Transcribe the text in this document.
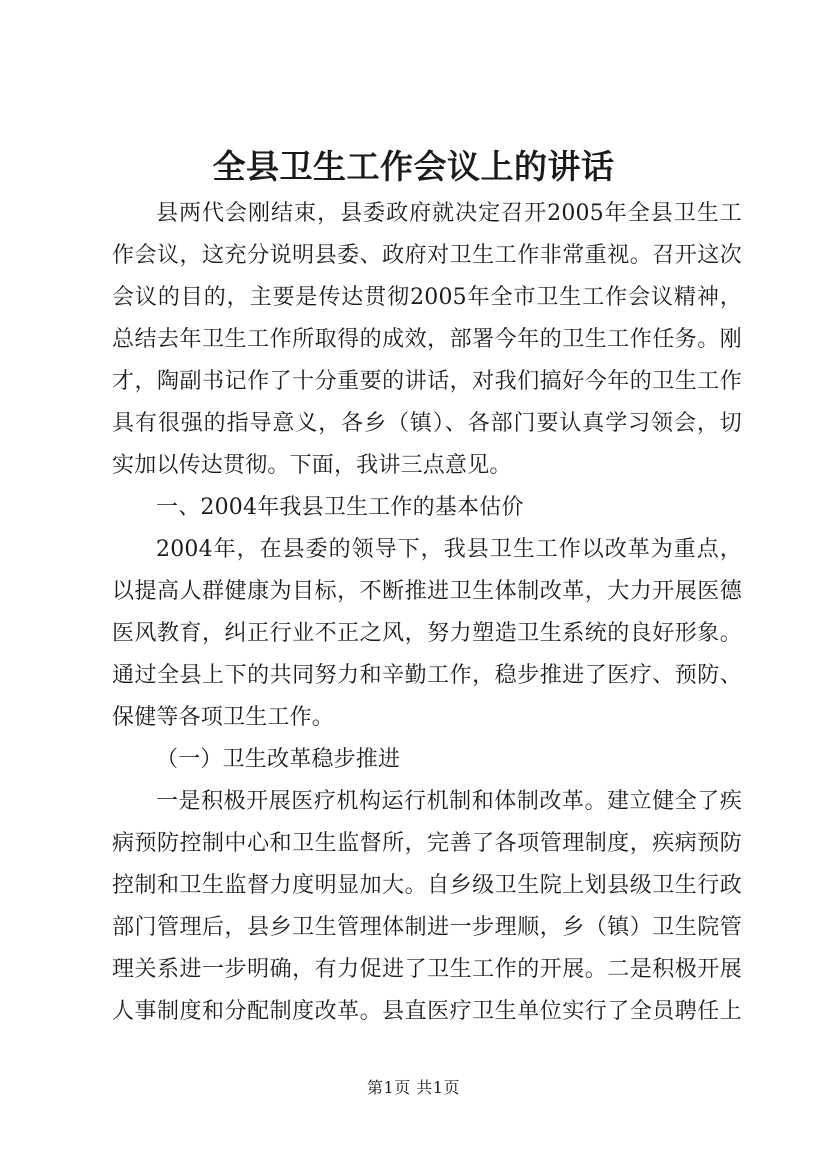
全县卫生工作会议上的讲话
县两代会刚结束，县委政府就决定召开2005年全县卫生工
作会议，这充分说明县委、政府对卫生工作非常重视。召开这次
会议的目的，主要是传达贯彻2005年全市卫生工作会议精神，
总结去年卫生工作所取得的成效，部署今年的卫生工作任务。刚
才，陶副书记作了十分重要的讲话，对我们搞好今年的卫生工作
具有很强的指导意义，各乡（镇）、各部门要认真学习领会，切
实加以传达贯彻。下面，我讲三点意见。
一、2004年我县卫生工作的基本估价
2004年，在县委的领导下，我县卫生工作以改革为重点，
以提高人群健康为目标，不断推进卫生体制改革，大力开展医德
医风教育，纠正行业不正之风，努力塑造卫生系统的良好形象。
通过全县上下的共同努力和辛勤工作，稳步推进了医疗、预防、
保健等各项卫生工作。
（一）卫生改革稳步推进
一是积极开展医疗机构运行机制和体制改革。建立健全了疾
病预防控制中心和卫生监督所，完善了各项管理制度，疾病预防
控制和卫生监督力度明显加大。自乡级卫生院上划县级卫生行政
部门管理后，县乡卫生管理体制进一步理顺，乡（镇）卫生院管
理关系进一步明确，有力促进了卫生工作的开展。二是积极开展
人事制度和分配制度改革。县直医疗卫生单位实行了全员聘任上
第1页 共1页
